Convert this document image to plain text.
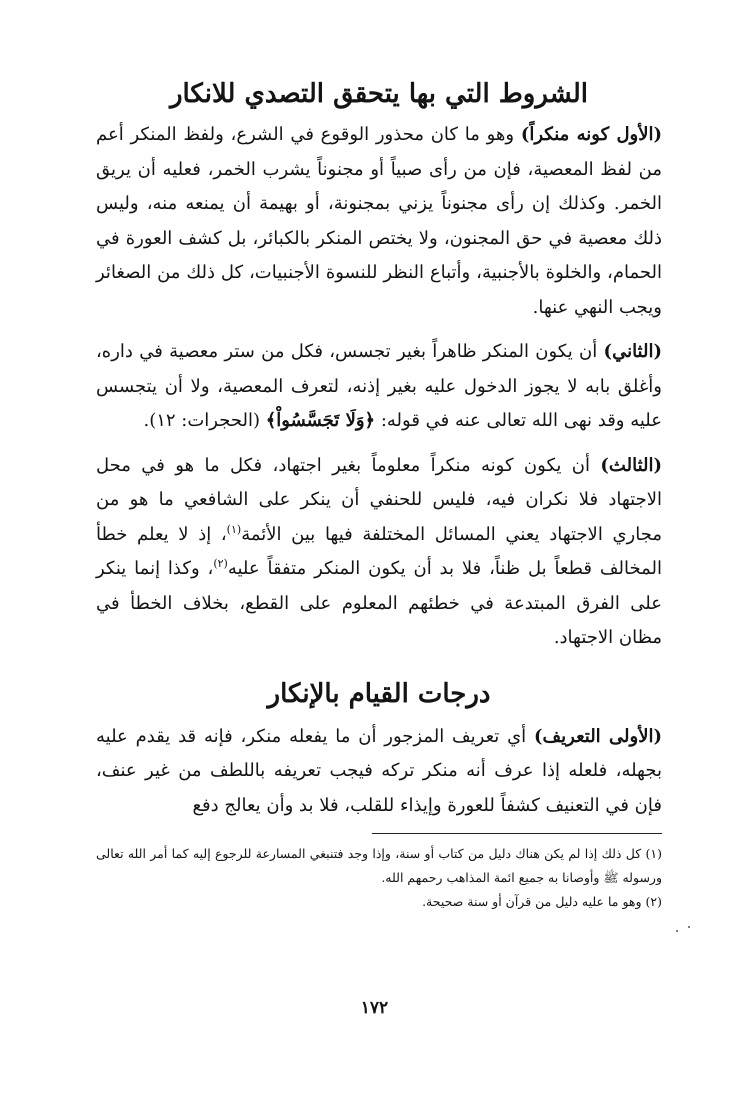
الشروط التي بها يتحقق التصدي للانكار

(الأول كونه منكراً) وهو ما كان محذور الوقوع في الشرع، ولفظ المنكر أعم من لفظ المعصية، فإن من رأى صبياً أو مجنوناً يشرب الخمر، فعليه أن يريق الخمر. وكذلك إن رأى مجنوناً يزني بمجنونة، أو بهيمة أن يمنعه منه، وليس ذلك معصية في حق المجنون، ولا يختص المنكر بالكبائر، بل كشف العورة في الحمام، والخلوة بالأجنبية، وأتباع النظر للنسوة الأجنبيات، كل ذلك من الصغائر ويجب النهي عنها.

(الثاني) أن يكون المنكر ظاهراً بغير تجسس، فكل من ستر معصية في داره، وأغلق بابه لا يجوز الدخول عليه بغير إذنه، لتعرف المعصية، ولا أن يتجسس عليه وقد نهى الله تعالى عنه في قوله: ﴿وَلَا تَجَسَّسُواْ﴾ (الحجرات: ١٢).

(الثالث) أن يكون كونه منكراً معلوماً بغير اجتهاد، فكل ما هو في محل الاجتهاد فلا نكران فيه، فليس للحنفي أن ينكر على الشافعي ما هو من مجاري الاجتهاد يعني المسائل المختلفة فيها بين الأئمة$^{(١)}$، إذ لا يعلم خطأ المخالف قطعاً بل ظناً، فلا بد أن يكون المنكر متفقاً عليه$^{(٢)}$، وكذا إنما ينكر على الفرق المبتدعة في خطئهم المعلوم على القطع، بخلاف الخطأ في مظان الاجتهاد.

درجات القيام بالإنكار

(الأولى التعريف) أي تعريف المزجور أن ما يفعله منكر، فإنه قد يقدم عليه بجهله، فلعله إذا عرف أنه منكر تركه فيجب تعريفه باللطف من غير عنف، فإن في التعنيف كشفاً للعورة وإيذاء للقلب، فلا بد وأن يعالج دفع

(١) كل ذلك إذا لم يكن هناك دليل من كتاب أو سنة، وإذا وجد فتنبغي المسارعة للرجوع إليه كما أمر الله تعالى ورسوله ﷺ وأوصانا به جميع ائمة المذاهب رحمهم الله.

(٢) وهو ما عليه دليل من قرآن أو سنة صحيحة.

١٧٢
